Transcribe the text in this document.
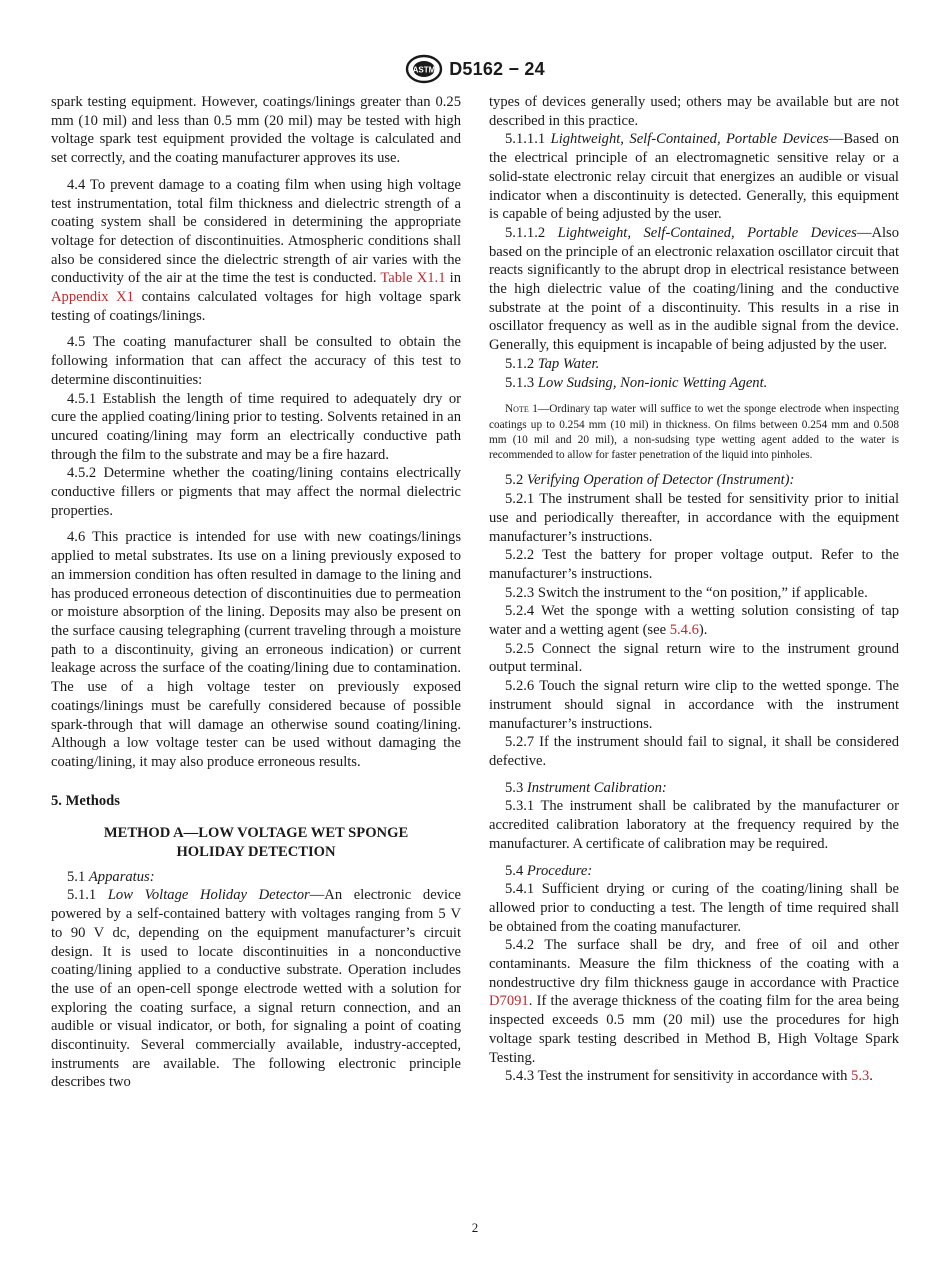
ASTM D5162 − 24

spark testing equipment. However, coatings/linings greater than 0.25 mm (10 mil) and less than 0.5 mm (20 mil) may be tested with high voltage spark test equipment provided the voltage is calculated and set correctly, and the coating manufacturer approves its use.

4.4 To prevent damage to a coating film when using high voltage test instrumentation, total film thickness and dielectric strength of a coating system shall be considered in determining the appropriate voltage for detection of discontinuities. Atmospheric conditions shall also be considered since the dielectric strength of air varies with the conductivity of the air at the time the test is conducted. Table X1.1 in Appendix X1 contains calculated voltages for high voltage spark testing of coatings/linings.

4.5 The coating manufacturer shall be consulted to obtain the following information that can affect the accuracy of this test to determine discontinuities:

4.5.1 Establish the length of time required to adequately dry or cure the applied coating/lining prior to testing. Solvents retained in an uncured coating/lining may form an electrically conductive path through the film to the substrate and may be a fire hazard.

4.5.2 Determine whether the coating/lining contains electrically conductive fillers or pigments that may affect the normal dielectric properties.

4.6 This practice is intended for use with new coatings/linings applied to metal substrates. Its use on a lining previously exposed to an immersion condition has often resulted in damage to the lining and has produced erroneous detection of discontinuities due to permeation or moisture absorption of the lining. Deposits may also be present on the surface causing telegraphing (current traveling through a moisture path to a discontinuity, giving an erroneous indication) or current leakage across the surface of the coating/lining due to contamination. The use of a high voltage tester on previously exposed coatings/linings must be carefully considered because of possible spark-through that will damage an otherwise sound coating/lining. Although a low voltage tester can be used without damaging the coating/lining, it may also produce erroneous results.

5. Methods

METHOD A—LOW VOLTAGE WET SPONGE HOLIDAY DETECTION

5.1 Apparatus:

5.1.1 Low Voltage Holiday Detector—An electronic device powered by a self-contained battery with voltages ranging from 5 V to 90 V dc, depending on the equipment manufacturer’s circuit design. It is used to locate discontinuities in a nonconductive coating/lining applied to a conductive substrate. Operation includes the use of an open-cell sponge electrode wetted with a solution for exploring the coating surface, a signal return connection, and an audible or visual indicator, or both, for signaling a point of coating discontinuity. Several commercially available, industry-accepted, instruments are available. The following electronic principle describes two

types of devices generally used; others may be available but are not described in this practice.

5.1.1.1 Lightweight, Self-Contained, Portable Devices—Based on the electrical principle of an electromagnetic sensitive relay or a solid-state electronic relay circuit that energizes an audible or visual indicator when a discontinuity is detected. Generally, this equipment is capable of being adjusted by the user.

5.1.1.2 Lightweight, Self-Contained, Portable Devices—Also based on the principle of an electronic relaxation oscillator circuit that reacts significantly to the abrupt drop in electrical resistance between the high dielectric value of the coating/lining and the conductive substrate at the point of a discontinuity. This results in a rise in oscillator frequency as well as in the audible signal from the device. Generally, this equipment is incapable of being adjusted by the user.

5.1.2 Tap Water.

5.1.3 Low Sudsing, Non-ionic Wetting Agent.

Note 1—Ordinary tap water will suffice to wet the sponge electrode when inspecting coatings up to 0.254 mm (10 mil) in thickness. On films between 0.254 mm and 0.508 mm (10 mil and 20 mil), a non-sudsing type wetting agent added to the water is recommended to allow for faster penetration of the liquid into pinholes.

5.2 Verifying Operation of Detector (Instrument):

5.2.1 The instrument shall be tested for sensitivity prior to initial use and periodically thereafter, in accordance with the equipment manufacturer’s instructions.

5.2.2 Test the battery for proper voltage output. Refer to the manufacturer’s instructions.

5.2.3 Switch the instrument to the “on position,” if applicable.

5.2.4 Wet the sponge with a wetting solution consisting of tap water and a wetting agent (see 5.4.6).

5.2.5 Connect the signal return wire to the instrument ground output terminal.

5.2.6 Touch the signal return wire clip to the wetted sponge. The instrument should signal in accordance with the instrument manufacturer’s instructions.

5.2.7 If the instrument should fail to signal, it shall be considered defective.

5.3 Instrument Calibration:

5.3.1 The instrument shall be calibrated by the manufacturer or accredited calibration laboratory at the frequency required by the manufacturer. A certificate of calibration may be required.

5.4 Procedure:

5.4.1 Sufficient drying or curing of the coating/lining shall be allowed prior to conducting a test. The length of time required shall be obtained from the coating manufacturer.

5.4.2 The surface shall be dry, and free of oil and other contaminants. Measure the film thickness of the coating with a nondestructive dry film thickness gauge in accordance with Practice D7091. If the average thickness of the coating film for the area being inspected exceeds 0.5 mm (20 mil) use the procedures for high voltage spark testing described in Method B, High Voltage Spark Testing.

5.4.3 Test the instrument for sensitivity in accordance with 5.3.

2
